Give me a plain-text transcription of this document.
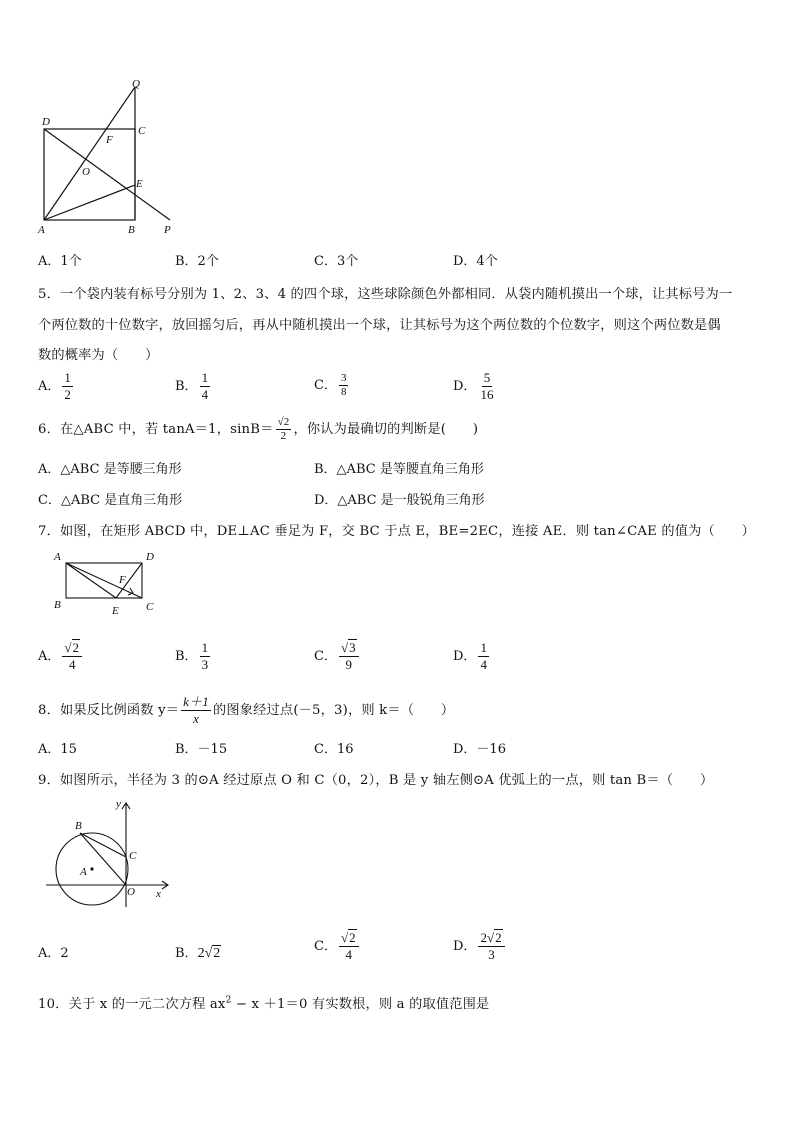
Q
D
C
F
O
E
A	B	P
A．1个	B．2个	C．3个	D．4个
5．一个袋内装有标号分别为 1、2、3、4 的四个球，这些球除颜色外都相同．从袋内随机摸出一个球，让其标号为一
个两位数的十位数字，放回摇匀后，再从中随机摸出一个球，让其标号为这个两位数的个位数字，则这个两位数是偶
数的概率为（　　）
A． $\frac{1}{2}$	B． $\frac{1}{4}$	C． $\frac{3}{8}$	D． $\frac{5}{16}$
6．在△ABC 中，若 tanA＝1，$\sin B= \frac{√2}{2}$ ，你认为最确切的判断是(　　)
A．△ABC 是等腰三角形	B．△ABC 是等腰直角三角形
C．△ABC 是直角三角形	D．△ABC 是一般锐角三角形
7．如图，在矩形 ABCD 中，DE⊥AC 垂足为 F，交 BC 于点 E，BE=2EC，连接 AE．则 tan∠CAE 的值为（　　）
A	D
F
B	E C
A． $\frac{√2}{4}$	B． $\frac{1}{3}$	C． $\frac{√3}{9}$	D． $\frac{1}{4}$
8．如果反比例函数 $y= \frac{k+1}{x}$ 的图象经过点(－5，3)，则 k＝（　　）
A．15	B．－15	C．16	D．－16
9．如图所示，半径为 3 的⊙A 经过原点 O 和 C（0，2），B 是 y 轴左侧⊙A 优弧上的一点，则 tan B＝（　　）
y
B
C
A
O x
A．2	B．2√2	C． $\frac{√2}{4}$	D． $\frac{2√2}{3}$
10．关于 x 的一元二次方程 $ax^2 - x +1=0$ 有实数根，则 a 的取值范围是
